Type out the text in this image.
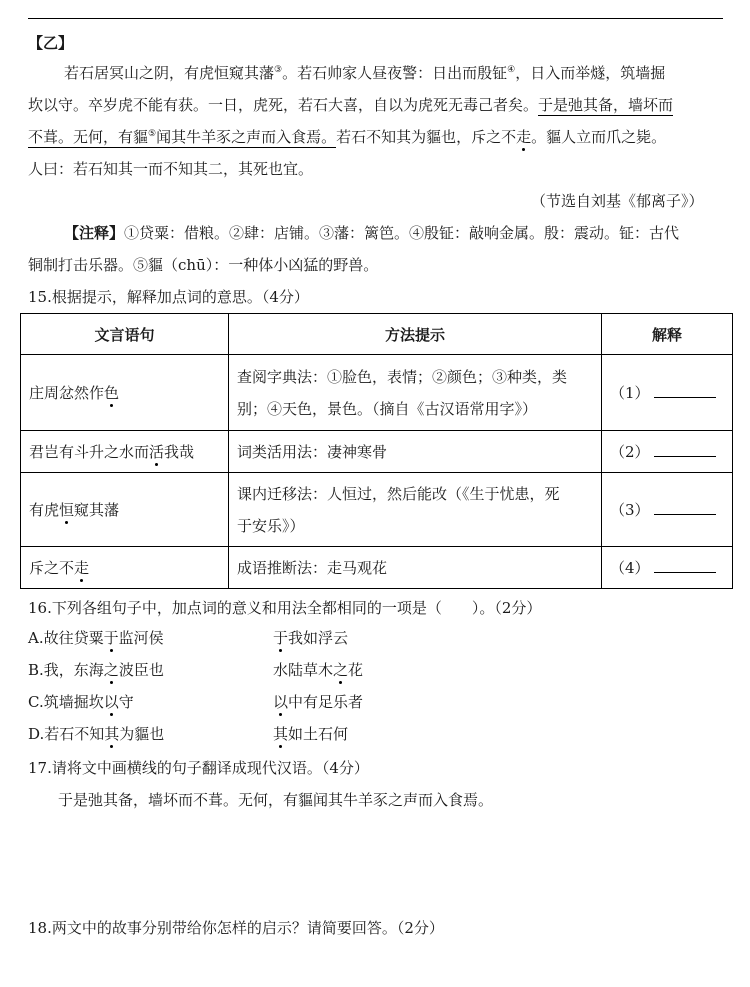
【乙】
若石居冥山之阴，有虎恒窥其藩③。若石帅家人昼夜警：日出而殷钲④，日入而举燧，筑墙掘
坎以守。卒岁虎不能有获。一日，虎死，若石大喜，自以为虎死无毒己者矣。于是弛其备，墙坏而
不葺。无何，有貙⑤闻其牛羊豕之声而入食焉。若石不知其为貙也，斥之不走。貙人立而爪之毙。
人曰：若石知其一而不知其二，其死也宜。
（节选自刘基《郁离子》）
【注释】①贷粟：借粮。②肆：店铺。③藩：篱笆。④殷钲：敲响金属。殷：震动。钲：古代
铜制打击乐器。⑤貙（chū）：一种体小凶猛的野兽。
15.根据提示，解释加点词的意思。（4分）
文言语句	方法提示	解释
庄周忿然作色	查阅字典法：①脸色，表情；②颜色；③种类，类
别；④天色，景色。（摘自《古汉语常用字》）	（1）
君岂有斗升之水而活我哉	词类活用法：凄神寒骨	（2）
有虎恒窥其藩	课内迁移法：人恒过，然后能改（《生于忧患，死
于安乐》）	（3）
斥之不走	成语推断法：走马观花	（4）
16.下列各组句子中，加点词的意义和用法全都相同的一项是（　　）。（2分）
A.故往贷粟于监河侯	于我如浮云
B.我，东海之波臣也	水陆草木之花
C.筑墙掘坎以守	以中有足乐者
D.若石不知其为貙也	其如土石何
17.请将文中画横线的句子翻译成现代汉语。（4分）
于是弛其备，墙坏而不葺。无何，有貙闻其牛羊豕之声而入食焉。
18.两文中的故事分别带给你怎样的启示？请简要回答。（2分）
